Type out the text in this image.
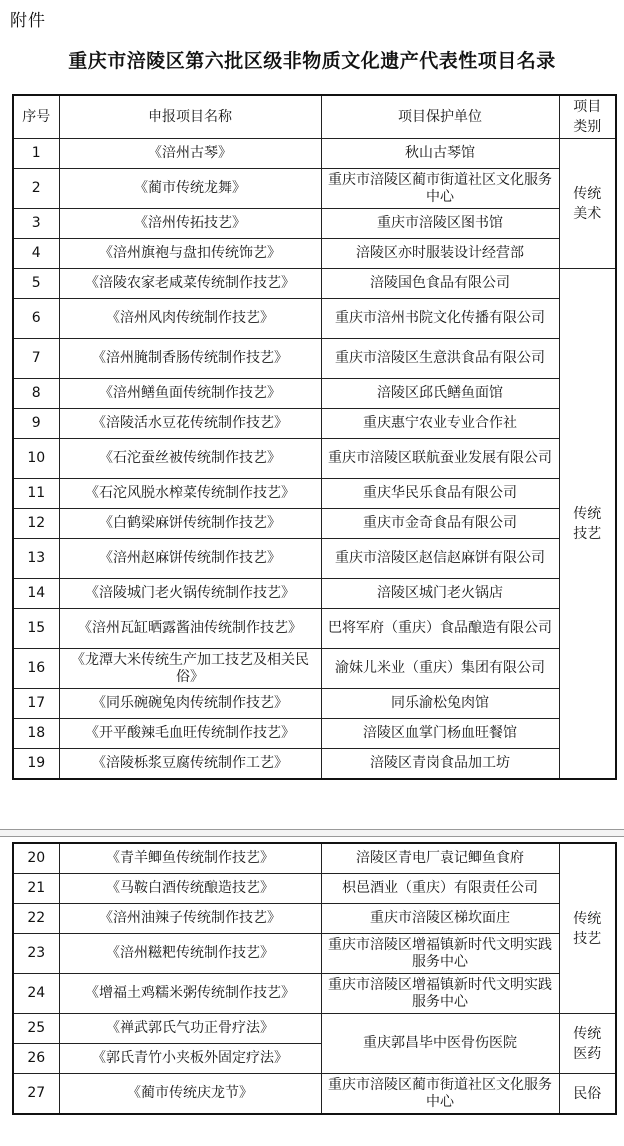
附件
重庆市涪陵区第六批区级非物质文化遗产代表性项目名录
序号	申报项目名称	项目保护单位	项目类别
1	《涪州古琴》	秋山古琴馆	传统美术
2	《蔺市传统龙舞》	重庆市涪陵区蔺市街道社区文化服务中心	
3	《涪州传拓技艺》	重庆市涪陵区图书馆	
4	《涪州旗袍与盘扣传统饰艺》	涪陵区亦时服装设计经营部	
5	《涪陵农家老咸菜传统制作技艺》	涪陵国色食品有限公司	传统技艺
6	《涪州风肉传统制作技艺》	重庆市涪州书院文化传播有限公司	
7	《涪州腌制香肠传统制作技艺》	重庆市涪陵区生意洪食品有限公司	
8	《涪州鳝鱼面传统制作技艺》	涪陵区邱氏鳝鱼面馆	
9	《涪陵活水豆花传统制作技艺》	重庆惠宁农业专业合作社	
10	《石沱蚕丝被传统制作技艺》	重庆市涪陵区联航蚕业发展有限公司	
11	《石沱风脱水榨菜传统制作技艺》	重庆华民乐食品有限公司	
12	《白鹤梁麻饼传统制作技艺》	重庆市金奇食品有限公司	
13	《涪州赵麻饼传统制作技艺》	重庆市涪陵区赵信赵麻饼有限公司	
14	《涪陵城门老火锅传统制作技艺》	涪陵区城门老火锅店	
15	《涪州瓦缸晒露酱油传统制作技艺》	巴将军府（重庆）食品酿造有限公司	
16	《龙潭大米传统生产加工技艺及相关民俗》	渝妹儿米业（重庆）集团有限公司	
17	《同乐碗碗兔肉传统制作技艺》	同乐渝松兔肉馆	
18	《开平酸辣毛血旺传统制作技艺》	涪陵区血掌门杨血旺餐馆	
19	《涪陵栎浆豆腐传统制作工艺》	涪陵区青岗食品加工坊	
20	《青羊鲫鱼传统制作技艺》	涪陵区青电厂袁记鲫鱼食府	传统技艺
21	《马鞍白酒传统酿造技艺》	枳邑酒业（重庆）有限责任公司	
22	《涪州油辣子传统制作技艺》	重庆市涪陵区梯坎面庄	
23	《涪州糍粑传统制作技艺》	重庆市涪陵区增福镇新时代文明实践服务中心	
24	《增福土鸡糯米粥传统制作技艺》	重庆市涪陵区增福镇新时代文明实践服务中心	
25	《禅武郭氏气功正骨疗法》	重庆郭昌毕中医骨伤医院	传统医药
26	《郭氏青竹小夹板外固定疗法》		
27	《蔺市传统庆龙节》	重庆市涪陵区蔺市街道社区文化服务中心	民俗
